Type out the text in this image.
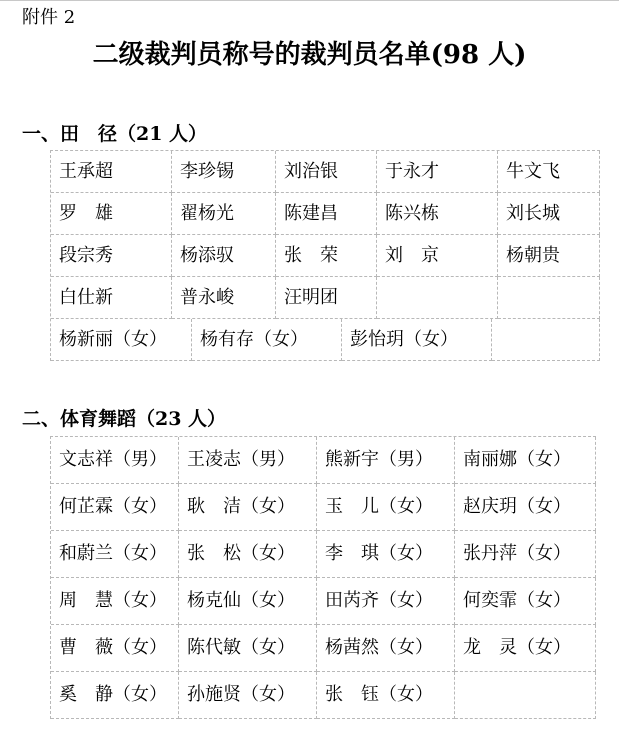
附件 2
二级裁判员称号的裁判员名单(98 人)
一、田　径（21 人）
王承超	李珍锡	刘治银	于永才	牛文飞
罗　雄	翟杨光	陈建昌	陈兴栋	刘长城
段宗秀	杨添驭	张　荣	刘　京	杨朝贵
白仕新	普永峻	汪明团
杨新丽（女）	杨有存（女）	彭怡玥（女）
二、体育舞蹈（23 人）
文志祥（男）	王凌志（男）	熊新宇（男）	南丽娜（女）
何芷霖（女）	耿　洁（女）	玉　儿（女）	赵庆玥（女）
和蔚兰（女）	张　松（女）	李　琪（女）	张丹萍（女）
周　慧（女）	杨克仙（女）	田芮齐（女）	何奕霏（女）
曹　薇（女）	陈代敏（女）	杨茜然（女）	龙　灵（女）
奚　静（女）	孙施贤（女）	张　钰（女）
